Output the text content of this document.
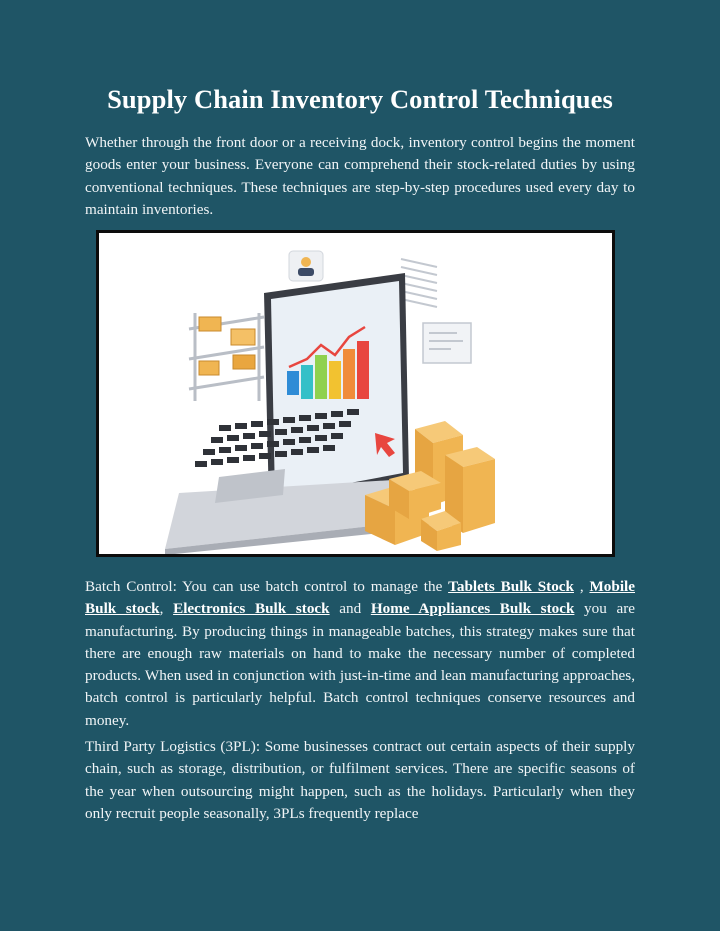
Supply Chain Inventory Control Techniques

Whether through the front door or a receiving dock, inventory control begins the moment goods enter your business. Everyone can comprehend their stock-related duties by using conventional techniques. These techniques are step-by-step procedures used every day to maintain inventories.

Batch Control: You can use batch control to manage the Tablets Bulk Stock , Mobile Bulk stock, Electronics Bulk stock and Home Appliances Bulk stock you are manufacturing. By producing things in manageable batches, this strategy makes sure that there are enough raw materials on hand to make the necessary number of completed products. When used in conjunction with just-in-time and lean manufacturing approaches, batch control is particularly helpful. Batch control techniques conserve resources and money.

Third Party Logistics (3PL): Some businesses contract out certain aspects of their supply chain, such as storage, distribution, or fulfilment services. There are specific seasons of the year when outsourcing might happen, such as the holidays. Particularly when they only recruit people seasonally, 3PLs frequently replace
